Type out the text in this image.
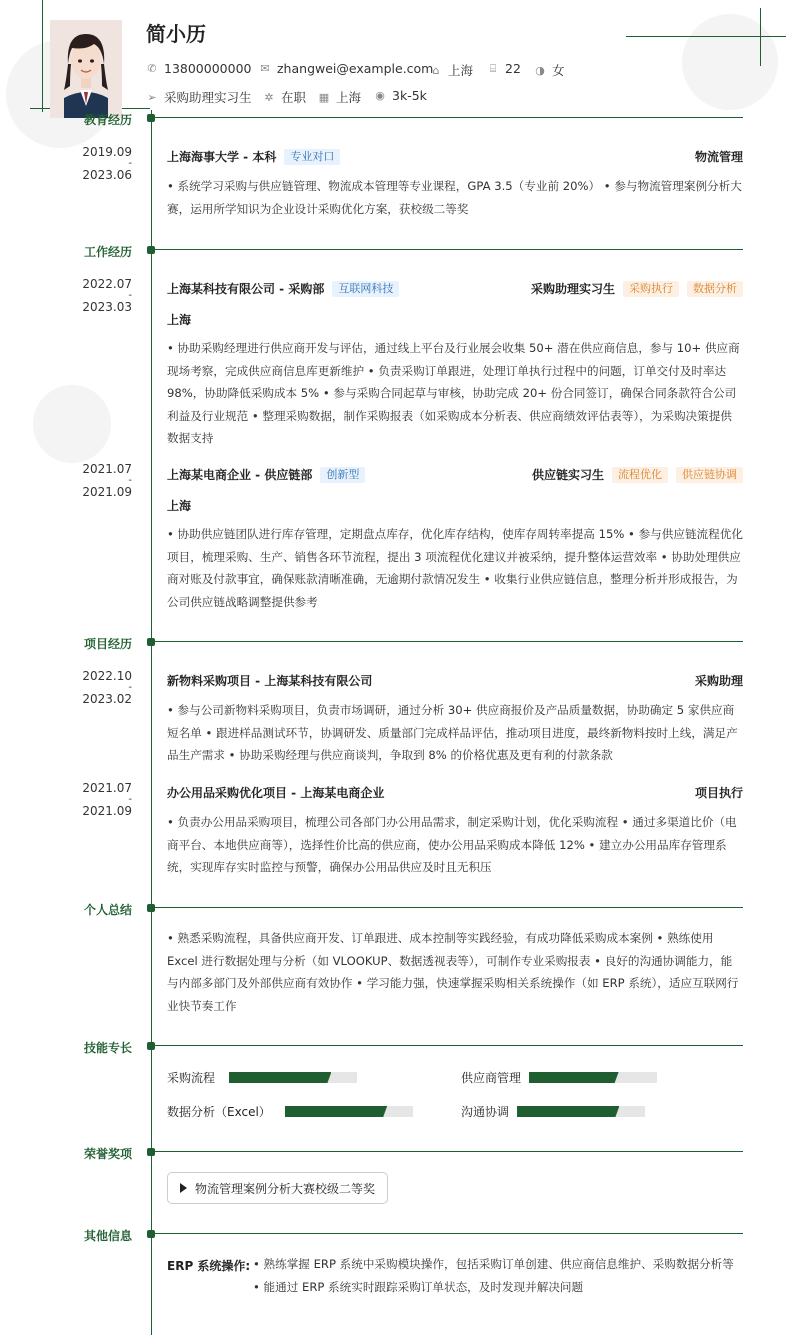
简小历
✆ 13800000000 ✉ zhangwei@example.com ⌂ 上海 ⌸ 22 ◑ 女
➢ 采购助理实习生 ✲ 在职 ▦ 上海 ◉ 3k-5k
教育经历
2019.09
-
2023.06
上海海事大学 - 本科	专业对口	物流管理
• 系统学习采购与供应链管理、物流成本管理等专业课程，GPA 3.5（专业前 20%） • 参与物流管理案例分析大赛，运用所学知识为企业设计采购优化方案，获校级二等奖
工作经历
2022.07
-
2023.03
上海某科技有限公司 - 采购部	互联网科技	采购助理实习生	采购执行	数据分析
上海
• 协助采购经理进行供应商开发与评估，通过线上平台及行业展会收集 50+ 潜在供应商信息，参与 10+ 供应商现场考察，完成供应商信息库更新维护 • 负责采购订单跟进，处理订单执行过程中的问题，订单交付及时率达 98%，协助降低采购成本 5% • 参与采购合同起草与审核，协助完成 20+ 份合同签订，确保合同条款符合公司利益及行业规范 • 整理采购数据，制作采购报表（如采购成本分析表、供应商绩效评估表等），为采购决策提供数据支持
2021.07
-
2021.09
上海某电商企业 - 供应链部	创新型	供应链实习生	流程优化	供应链协调
上海
• 协助供应链团队进行库存管理，定期盘点库存，优化库存结构，使库存周转率提高 15% • 参与供应链流程优化项目，梳理采购、生产、销售各环节流程，提出 3 项流程优化建议并被采纳，提升整体运营效率 • 协助处理供应商对账及付款事宜，确保账款清晰准确，无逾期付款情况发生 • 收集行业供应链信息，整理分析并形成报告，为公司供应链战略调整提供参考
项目经历
2022.10
-
2023.02
新物料采购项目 - 上海某科技有限公司	采购助理
• 参与公司新物料采购项目，负责市场调研，通过分析 30+ 供应商报价及产品质量数据，协助确定 5 家供应商短名单 • 跟进样品测试环节，协调研发、质量部门完成样品评估，推动项目进度，最终新物料按时上线，满足产品生产需求 • 协助采购经理与供应商谈判，争取到 8% 的价格优惠及更有利的付款条款
2021.07
-
2021.09
办公用品采购优化项目 - 上海某电商企业	项目执行
• 负责办公用品采购项目，梳理公司各部门办公用品需求，制定采购计划，优化采购流程 • 通过多渠道比价（电商平台、本地供应商等），选择性价比高的供应商，使办公用品采购成本降低 12% • 建立办公用品库存管理系统，实现库存实时监控与预警，确保办公用品供应及时且无积压
个人总结
• 熟悉采购流程，具备供应商开发、订单跟进、成本控制等实践经验，有成功降低采购成本案例 • 熟练使用 Excel 进行数据处理与分析（如 VLOOKUP、数据透视表等），可制作专业采购报表 • 良好的沟通协调能力，能与内部多部门及外部供应商有效协作 • 学习能力强，快速掌握采购相关系统操作（如 ERP 系统），适应互联网行业快节奏工作
技能专长
采购流程	供应商管理
数据分析（Excel）	沟通协调
荣誉奖项
物流管理案例分析大赛校级二等奖
其他信息
ERP 系统操作: • 熟练掌握 ERP 系统中采购模块操作，包括采购订单创建、供应商信息维护、采购数据分析等 • 能通过 ERP 系统实时跟踪采购订单状态，及时发现并解决问题
